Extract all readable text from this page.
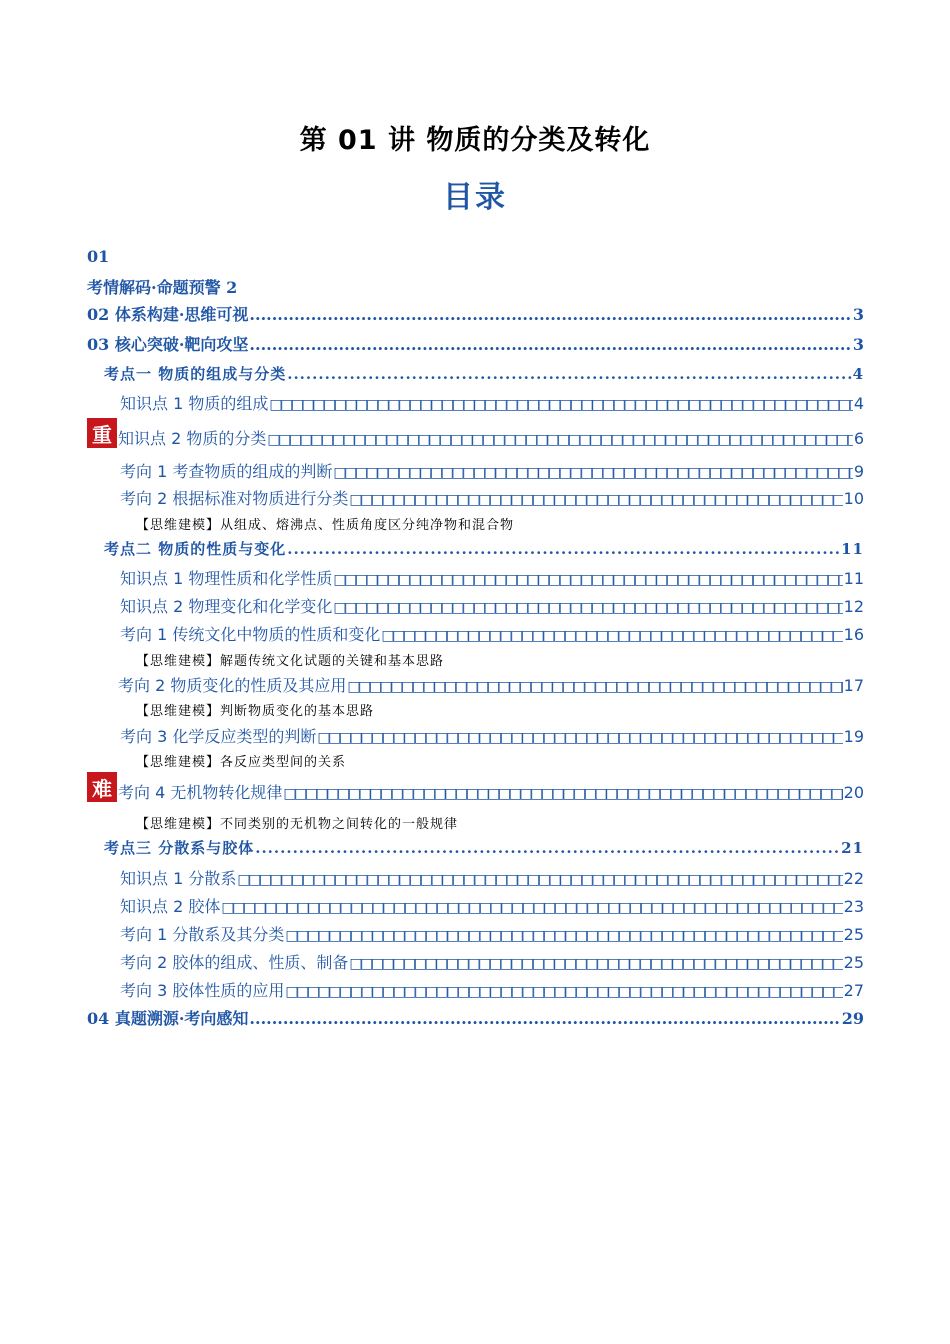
第 01 讲 物质的分类及转化
目录
01
考情解码·命题预警 2
02 体系构建·思维可视 .....	3
03 核心突破·靶向攻坚 .....	3
考点一 物质的组成与分类 .....	4
知识点 1 物质的组成 □□□□□□□□□□□□□□□□□□□□□□□□□□□□□□□□□□□□□□□□□□□□□□□□□□□□□□□□□□□□□□□□□□□□□□□□□□□□□□□□□□□□□□□□□□	4
重 知识点 2 物质的分类 □□□□□□□□□□□□□□□□□□□□□□□□□□□□□□□□□□□□□□□□□□□□□□□□□□□□□□□□□□□□□□□□□□□□□□□□□□□□□□□□□□□□□□□□□□	6
考向 1 考查物质的组成的判断 □□□□□□□□□□□□□□□□□□□□□□□□□□□□□□□□□□□□□□□□□□□□□□□□□□□□□□□□□□□□□□□□□□□□□□□□□□□□□□□□□□□□□□□□□□	9
考向 2 根据标准对物质进行分类 □□□□□□□□□□□□□□□□□□□□□□□□□□□□□□□□□□□□□□□□□□□□□□□□□□□□□□□□□□□□□□□□□□□□□□□□□□□□□□□□□□□□□□□□□□	10
【思维建模】从组成、熔沸点、性质角度区分纯净物和混合物
考点二 物质的性质与变化 .....	11
知识点 1 物理性质和化学性质 □□□□□□□□□□□□□□□□□□□□□□□□□□□□□□□□□□□□□□□□□□□□□□□□□□□□□□□□□□□□□□□□□□□□□□□□□□□□□□□□□□□□□□□□□□	11
知识点 2 物理变化和化学变化 □□□□□□□□□□□□□□□□□□□□□□□□□□□□□□□□□□□□□□□□□□□□□□□□□□□□□□□□□□□□□□□□□□□□□□□□□□□□□□□□□□□□□□□□□□	12
考向 1 传统文化中物质的性质和变化 □□□□□□□□□□□□□□□□□□□□□□□□□□□□□□□□□□□□□□□□□□□□□□□□□□□□□□□□□□□□□□□□□□□□□□□□□□□□□□□□□□□□□□□□□□	16
【思维建模】解题传统文化试题的关键和基本思路
考向 2 物质变化的性质及其应用 □□□□□□□□□□□□□□□□□□□□□□□□□□□□□□□□□□□□□□□□□□□□□□□□□□□□□□□□□□□□□□□□□□□□□□□□□□□□□□□□□□□□□□□□□□	17
【思维建模】判断物质变化的基本思路
考向 3 化学反应类型的判断 □□□□□□□□□□□□□□□□□□□□□□□□□□□□□□□□□□□□□□□□□□□□□□□□□□□□□□□□□□□□□□□□□□□□□□□□□□□□□□□□□□□□□□□□□□	19
【思维建模】各反应类型间的关系
难 考向 4 无机物转化规律 □□□□□□□□□□□□□□□□□□□□□□□□□□□□□□□□□□□□□□□□□□□□□□□□□□□□□□□□□□□□□□□□□□□□□□□□□□□□□□□□□□□□□□□□□□	20
【思维建模】不同类别的无机物之间转化的一般规律
考点三 分散系与胶体 .....	21
知识点 1 分散系 □□□□□□□□□□□□□□□□□□□□□□□□□□□□□□□□□□□□□□□□□□□□□□□□□□□□□□□□□□□□□□□□□□□□□□□□□□□□□□□□□□□□□□□□□□	22
知识点 2 胶体 □□□□□□□□□□□□□□□□□□□□□□□□□□□□□□□□□□□□□□□□□□□□□□□□□□□□□□□□□□□□□□□□□□□□□□□□□□□□□□□□□□□□□□□□□□	23
考向 1 分散系及其分类 □□□□□□□□□□□□□□□□□□□□□□□□□□□□□□□□□□□□□□□□□□□□□□□□□□□□□□□□□□□□□□□□□□□□□□□□□□□□□□□□□□□□□□□□□□	25
考向 2 胶体的组成、性质、制备 □□□□□□□□□□□□□□□□□□□□□□□□□□□□□□□□□□□□□□□□□□□□□□□□□□□□□□□□□□□□□□□□□□□□□□□□□□□□□□□□□□□□□□□□□□	25
考向 3 胶体性质的应用 □□□□□□□□□□□□□□□□□□□□□□□□□□□□□□□□□□□□□□□□□□□□□□□□□□□□□□□□□□□□□□□□□□□□□□□□□□□□□□□□□□□□□□□□□□	27
04 真题溯源·考向感知 .....	29
